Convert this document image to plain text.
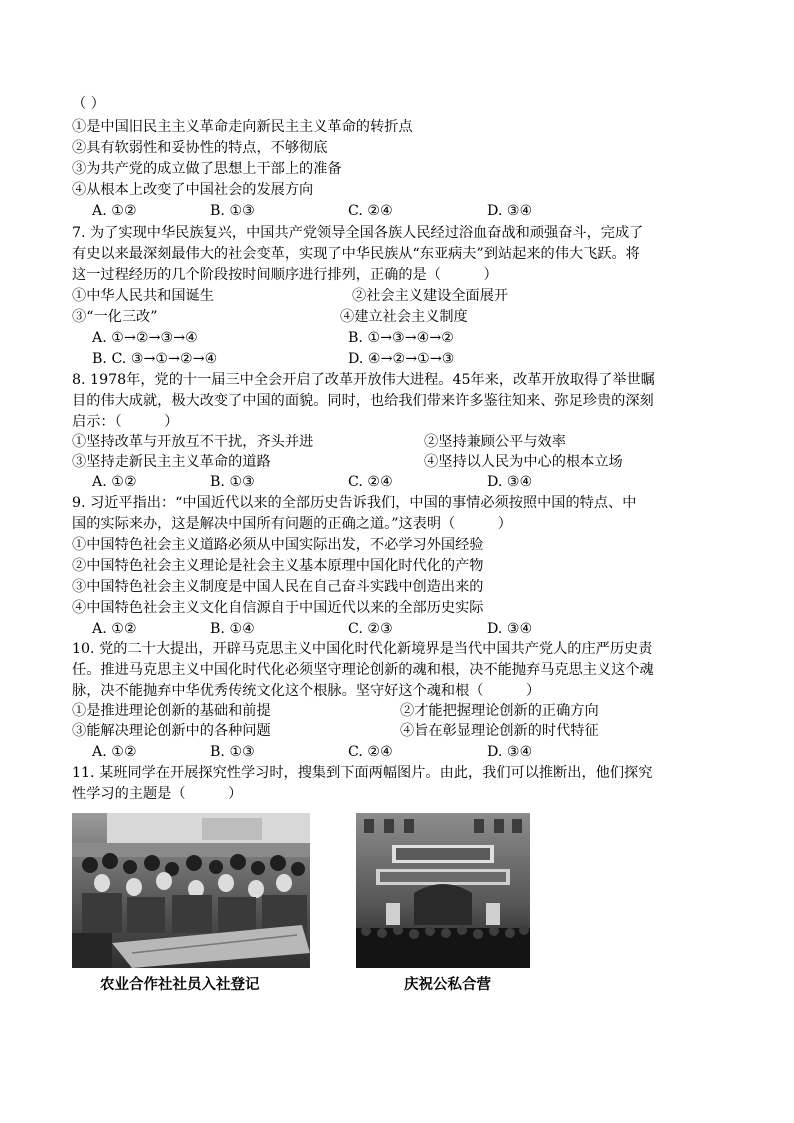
（ ）
①是中国旧民主主义革命走向新民主主义革命的转折点
②具有软弱性和妥协性的特点，不够彻底
③为共产党的成立做了思想上干部上的准备
④从根本上改变了中国社会的发展方向
A. ①②	B. ①③	C. ②④	D. ③④
7. 为了实现中华民族复兴，中国共产党领导全国各族人民经过浴血奋战和顽强奋斗，完成了
有史以来最深刻最伟大的社会变革，实现了中华民族从“东亚病夫”到站起来的伟大飞跃。将
这一过程经历的几个阶段按时间顺序进行排列，正确的是（　　　）
①中华人民共和国诞生	②社会主义建设全面展开
③“一化三改”	④建立社会主义制度
A. ①→②→③→④	B. ①→③→④→②
B. C. ③→①→②→④	D. ④→②→①→③
8. 1978年，党的十一届三中全会开启了改革开放伟大进程。45年来，改革开放取得了举世瞩
目的伟大成就，极大改变了中国的面貌。同时，也给我们带来许多鉴往知来、弥足珍贵的深刻
启示：（　　　）
①坚持改革与开放互不干扰，齐头并进	②坚持兼顾公平与效率
③坚持走新民主主义革命的道路	④坚持以人民为中心的根本立场
A. ①②	B. ①③	C. ②④	D. ③④
9. 习近平指出：“中国近代以来的全部历史告诉我们，中国的事情必须按照中国的特点、中
国的实际来办，这是解决中国所有问题的正确之道。”这表明（　　　）
①中国特色社会主义道路必须从中国实际出发，不必学习外国经验
②中国特色社会主义理论是社会主义基本原理中国化时代化的产物
③中国特色社会主义制度是中国人民在自己奋斗实践中创造出来的
④中国特色社会主义文化自信源自于中国近代以来的全部历史实际
A. ①②	B. ①④	C. ②③	D. ③④
10. 党的二十大提出，开辟马克思主义中国化时代化新境界是当代中国共产党人的庄严历史责
任。推进马克思主义中国化时代化必须坚守理论创新的魂和根，决不能抛弃马克思主义这个魂
脉，决不能抛弃中华优秀传统文化这个根脉。坚守好这个魂和根（　　　）
①是推进理论创新的基础和前提	②才能把握理论创新的正确方向
③能解决理论创新中的各种问题	④旨在彰显理论创新的时代特征
A. ①②	B. ①③	C. ②④	D. ③④
11. 某班同学在开展探究性学习时，搜集到下面两幅图片。由此，我们可以推断出，他们探究
性学习的主题是（　　　）
农业合作社社员入社登记	庆祝公私合营
